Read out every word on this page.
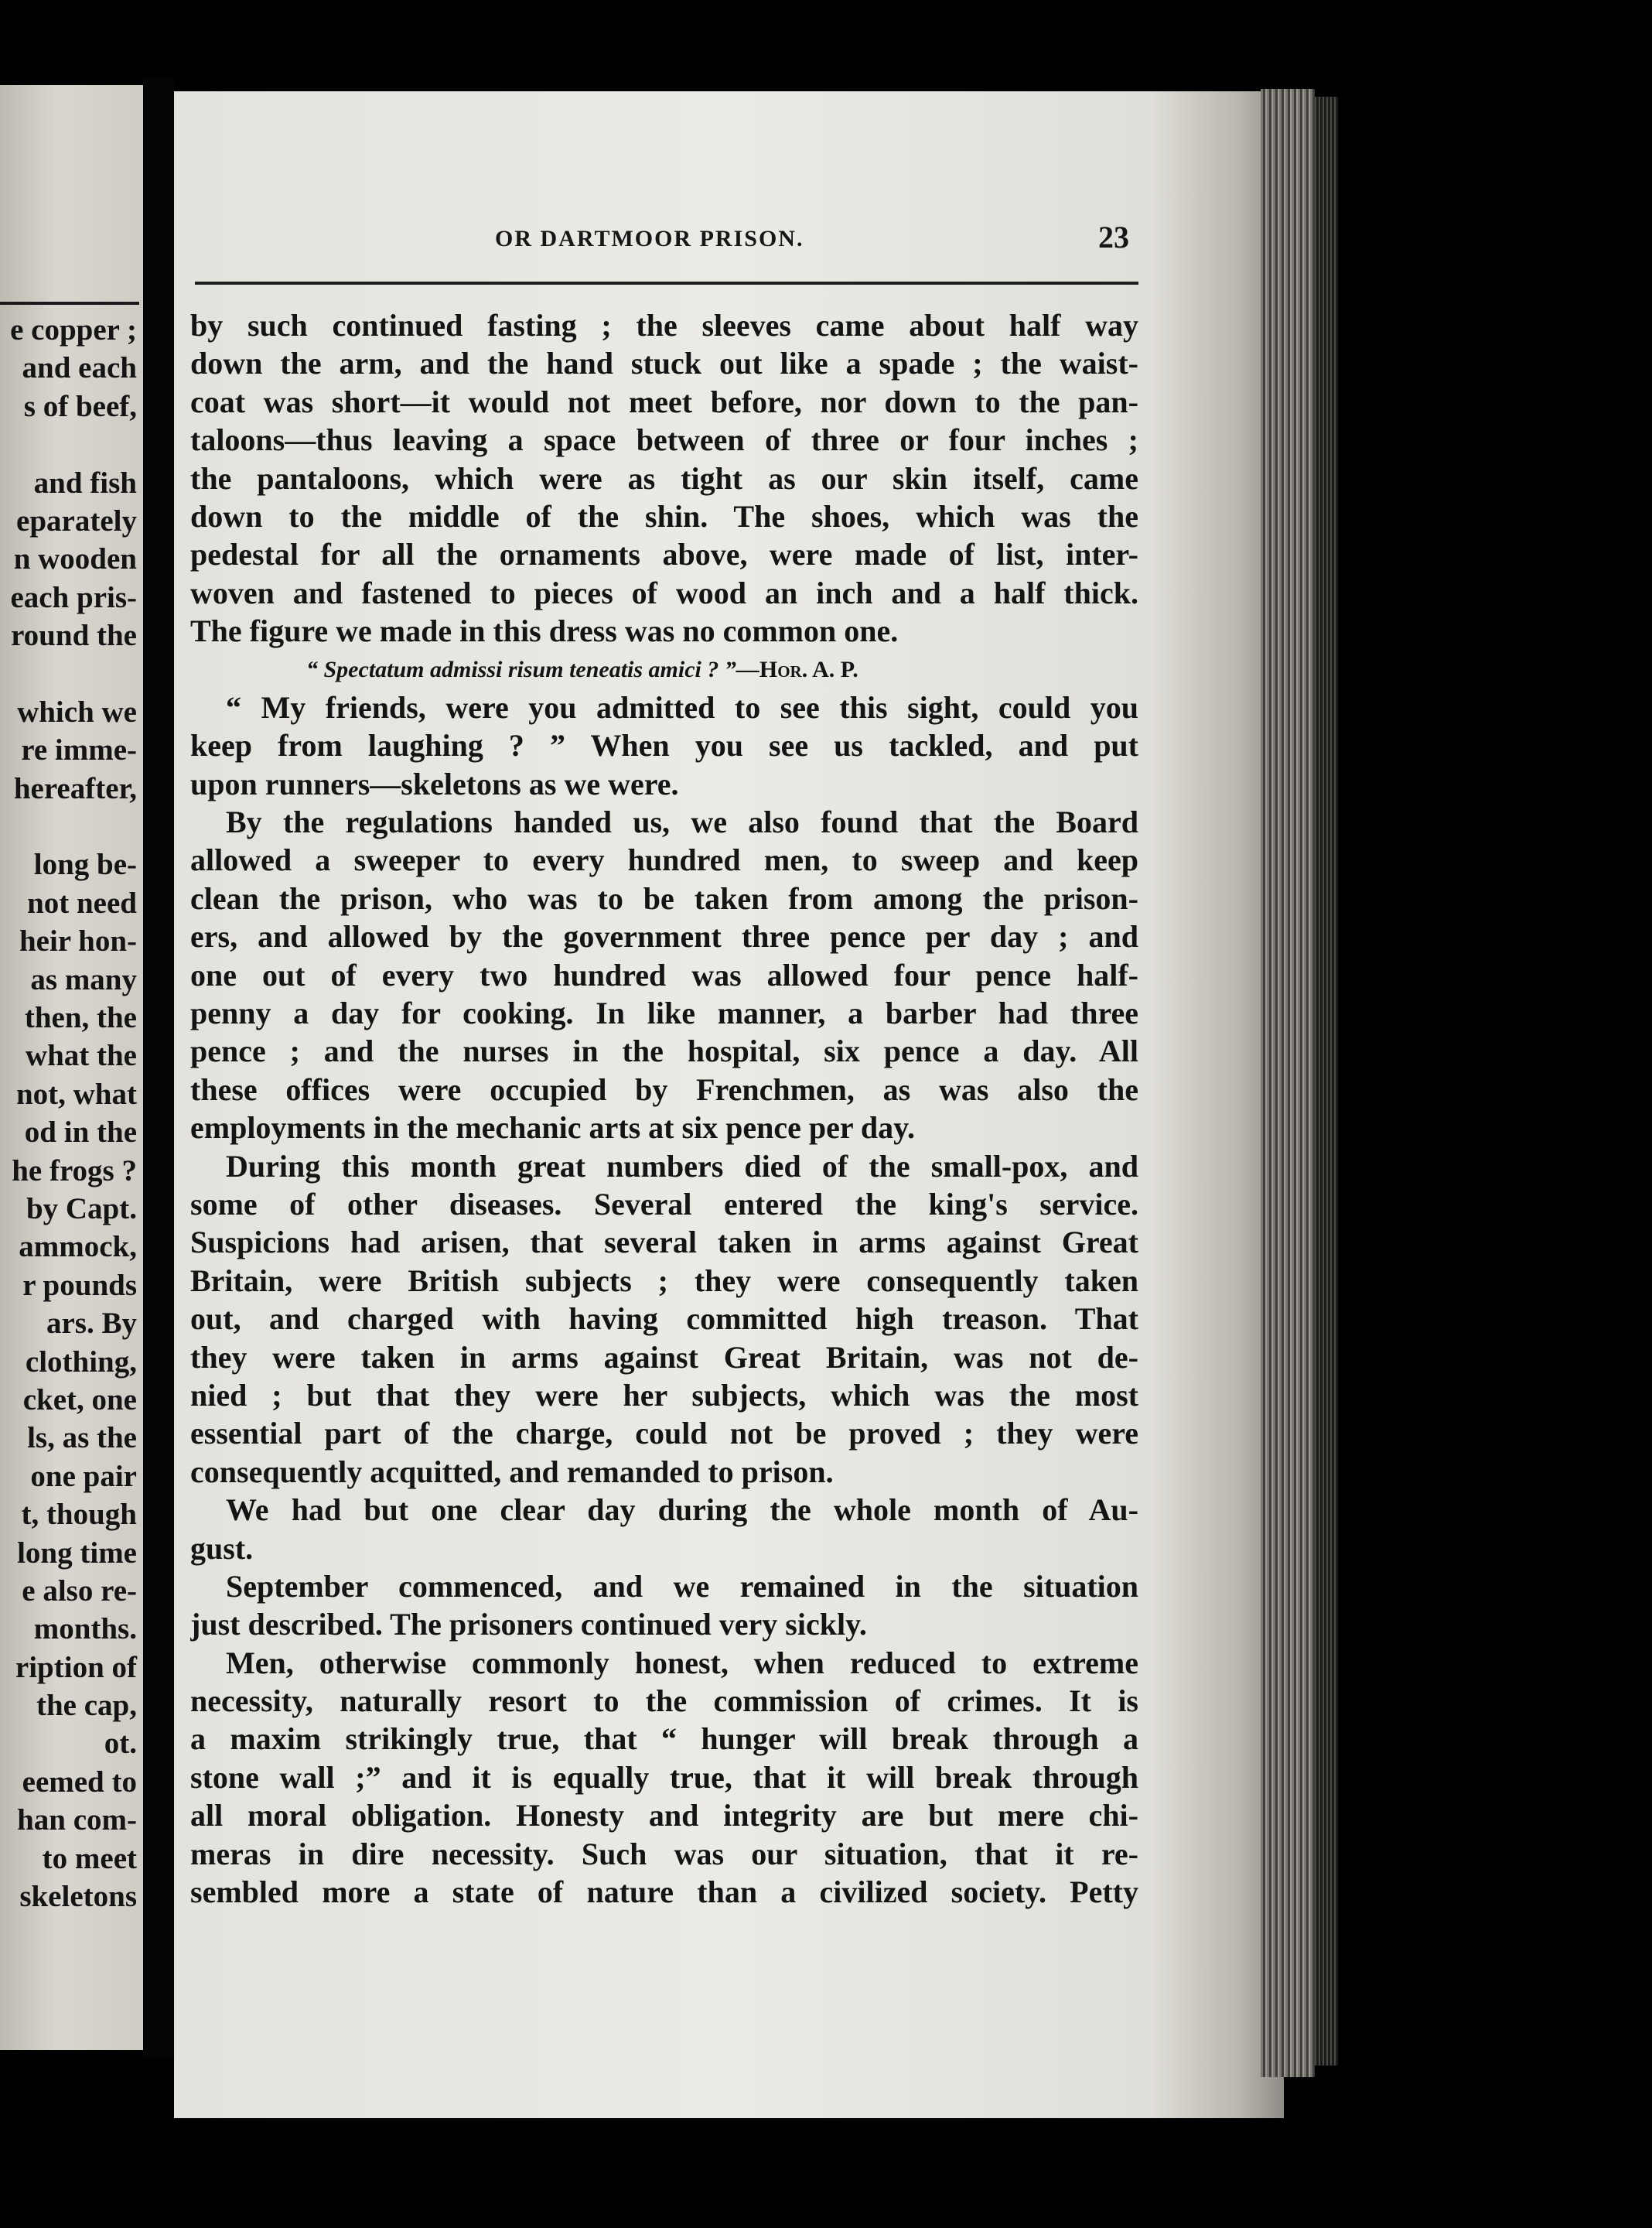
e copper ;
and each
s of beef,
and fish
eparately
n wooden
each pris-
round the
which we
re imme-
hereafter,
long be-
not need
heir hon-
as many
then, the
what the
not, what
od in the
he frogs ?
by Capt.
ammock,
r pounds
ars. By
clothing,
cket, one
ls, as the
one pair
t, though
long time
e also re-
months.
ription of
the cap,
ot.
eemed to
han com-
to meet
skeletons
OR DARTMOOR PRISON.	23
by such continued fasting ; the sleeves came about half way
down the arm, and the hand stuck out like a spade ; the waist-
coat was short—it would not meet before, nor down to the pan-
taloons—thus leaving a space between of three or four inches ;
the pantaloons, which were as tight as our skin itself, came
down to the middle of the shin. The shoes, which was the
pedestal for all the ornaments above, were made of list, inter-
woven and fastened to pieces of wood an inch and a half thick.
The figure we made in this dress was no common one.
“ Spectatum admissi risum teneatis amici ? ”—Hor. A. P.
“ My friends, were you admitted to see this sight, could you
keep from laughing ? ” When you see us tackled, and put
upon runners—skeletons as we were.
By the regulations handed us, we also found that the Board
allowed a sweeper to every hundred men, to sweep and keep
clean the prison, who was to be taken from among the prison-
ers, and allowed by the government three pence per day ; and
one out of every two hundred was allowed four pence half-
penny a day for cooking. In like manner, a barber had three
pence ; and the nurses in the hospital, six pence a day. All
these offices were occupied by Frenchmen, as was also the
employments in the mechanic arts at six pence per day.
During this month great numbers died of the small-pox, and
some of other diseases. Several entered the king's service.
Suspicions had arisen, that several taken in arms against Great
Britain, were British subjects ; they were consequently taken
out, and charged with having committed high treason. That
they were taken in arms against Great Britain, was not de-
nied ; but that they were her subjects, which was the most
essential part of the charge, could not be proved ; they were
consequently acquitted, and remanded to prison.
We had but one clear day during the whole month of Au-
gust.
September commenced, and we remained in the situation
just described. The prisoners continued very sickly.
Men, otherwise commonly honest, when reduced to extreme
necessity, naturally resort to the commission of crimes. It is
a maxim strikingly true, that “ hunger will break through a
stone wall ;” and it is equally true, that it will break through
all moral obligation. Honesty and integrity are but mere chi-
meras in dire necessity. Such was our situation, that it re-
sembled more a state of nature than a civilized society. Petty
